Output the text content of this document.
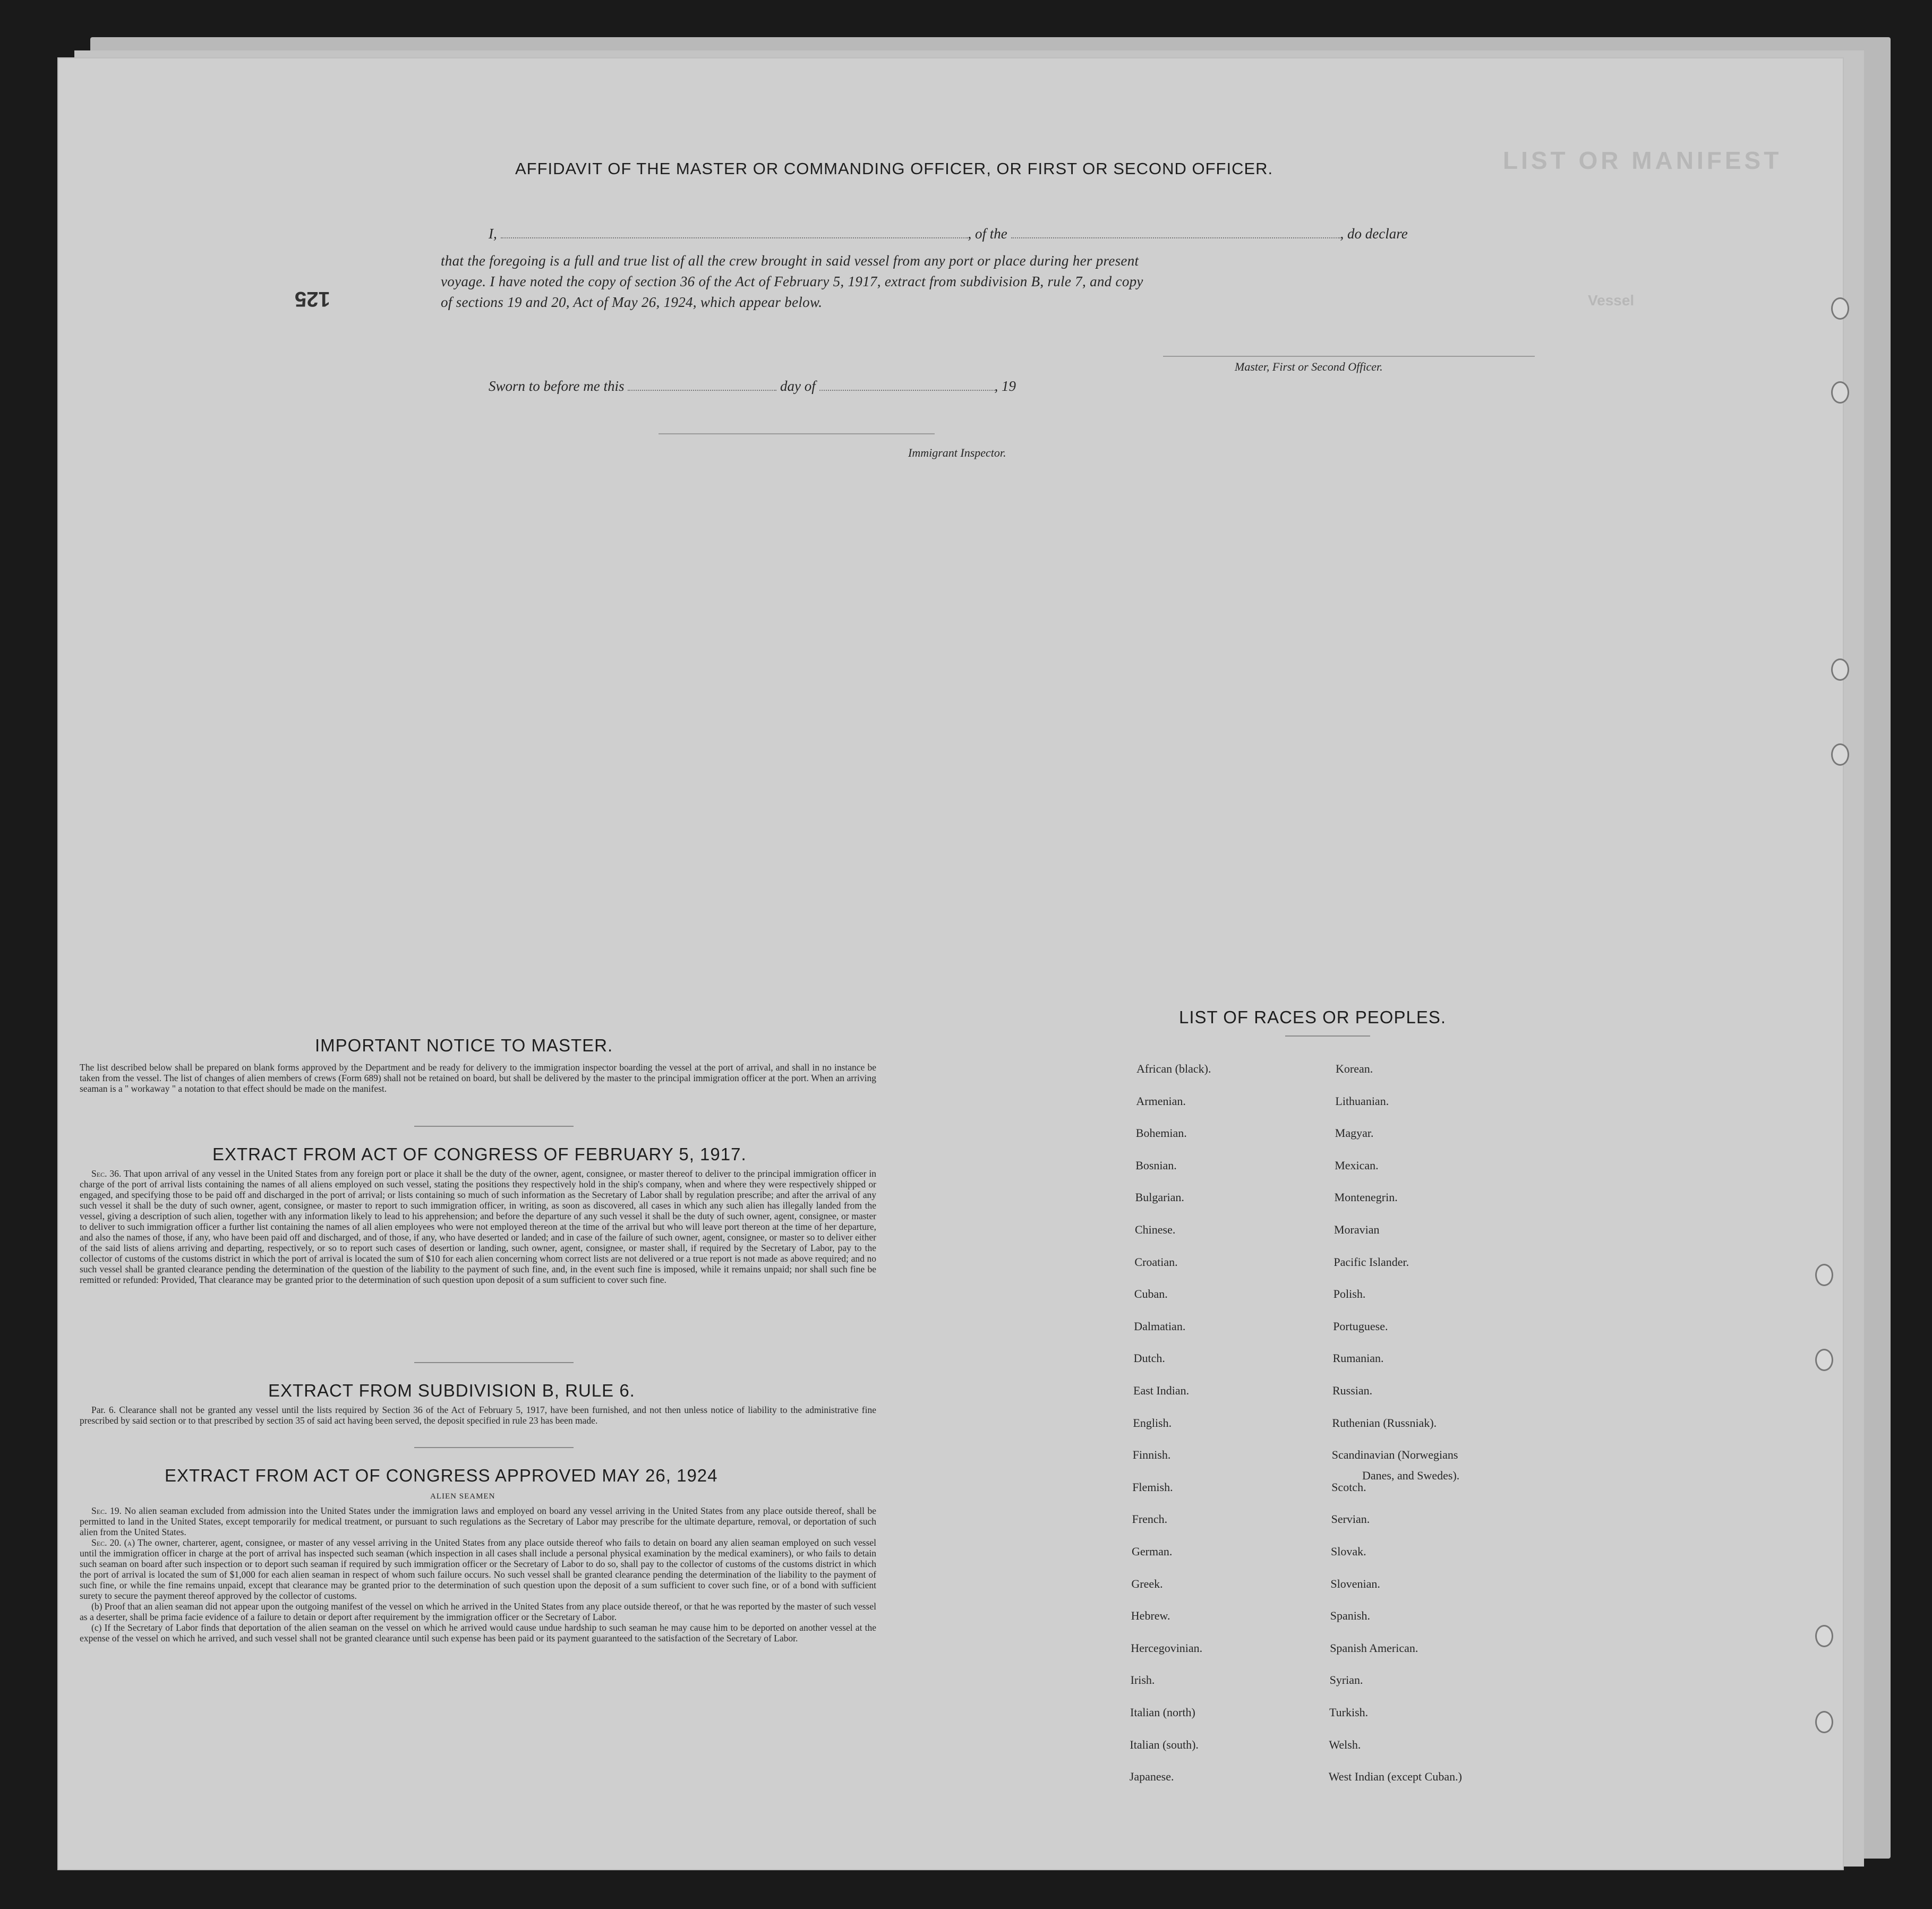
LIST OR MANIFEST
Vessel
125
AFFIDAVIT OF THE MASTER OR COMMANDING OFFICER, OR FIRST OR SECOND OFFICER.
I,	, of the	, do declare
that the foregoing is a full and true list of all the crew brought in said vessel from any port or place during her present
voyage. I have noted the copy of section 36 of the Act of February 5, 1917, extract from subdivision B, rule 7, and copy
of sections 19 and 20, Act of May 26, 1924, which appear below.
Master, First or Second Officer.
Sworn to before me this	day of	, 19
Immigrant Inspector.
IMPORTANT NOTICE TO MASTER.

The list described below shall be prepared on blank forms approved by the Department and be ready for delivery to the immigration inspector boarding the vessel at the port of arrival, and shall in no instance be taken from the vessel. The list of changes of alien members of crews (Form 689) shall not be retained on board, but shall be delivered by the master to the principal immigration officer at the port. When an arriving seaman is a " workaway " a notation to that effect should be made on the manifest.

EXTRACT FROM ACT OF CONGRESS OF FEBRUARY 5, 1917.

Sec. 36. That upon arrival of any vessel in the United States from any foreign port or place it shall be the duty of the owner, agent, consignee, or master thereof to deliver to the principal immigration officer in charge of the port of arrival lists containing the names of all aliens employed on such vessel, stating the positions they respectively hold in the ship's company, when and where they were respectively shipped or engaged, and specifying those to be paid off and discharged in the port of arrival; or lists containing so much of such information as the Secretary of Labor shall by regulation prescribe; and after the arrival of any such vessel it shall be the duty of such owner, agent, consignee, or master to report to such immigration officer, in writing, as soon as discovered, all cases in which any such alien has illegally landed from the vessel, giving a description of such alien, together with any information likely to lead to his apprehension; and before the departure of any such vessel it shall be the duty of such owner, agent, consignee, or master to deliver to such immigration officer a further list containing the names of all alien employees who were not employed thereon at the time of the arrival but who will leave port thereon at the time of her departure, and also the names of those, if any, who have been paid off and discharged, and of those, if any, who have deserted or landed; and in case of the failure of such owner, agent, consignee, or master so to deliver either of the said lists of aliens arriving and departing, respectively, or so to report such cases of desertion or landing, such owner, agent, consignee, or master shall, if required by the Secretary of Labor, pay to the collector of customs of the customs district in which the port of arrival is located the sum of $10 for each alien concerning whom correct lists are not delivered or a true report is not made as above required; and no such vessel shall be granted clearance pending the determination of the question of the liability to the payment of such fine, and, in the event such fine is imposed, while it remains unpaid; nor shall such fine be remitted or refunded: Provided, That clearance may be granted prior to the determination of such question upon deposit of a sum sufficient to cover such fine.

EXTRACT FROM SUBDIVISION B, RULE 6.

Par. 6. Clearance shall not be granted any vessel until the lists required by Section 36 of the Act of February 5, 1917, have been furnished, and not then unless notice of liability to the administrative fine prescribed by said section or to that prescribed by section 35 of said act having been served, the deposit specified in rule 23 has been made.

EXTRACT FROM ACT OF CONGRESS APPROVED MAY 26, 1924
ALIEN SEAMEN

Sec. 19. No alien seaman excluded from admission into the United States under the immigration laws and employed on board any vessel arriving in the United States from any place outside thereof, shall be permitted to land in the United States, except temporarily for medical treatment, or pursuant to such regulations as the Secretary of Labor may prescribe for the ultimate departure, removal, or deportation of such alien from the United States.

Sec. 20. (a) The owner, charterer, agent, consignee, or master of any vessel arriving in the United States from any place outside thereof who fails to detain on board any alien seaman employed on such vessel until the immigration officer in charge at the port of arrival has inspected such seaman (which inspection in all cases shall include a personal physical examination by the medical examiners), or who fails to detain such seaman on board after such inspection or to deport such seaman if required by such immigration officer or the Secretary of Labor to do so, shall pay to the collector of customs of the customs district in which the port of arrival is located the sum of $1,000 for each alien seaman in respect of whom such failure occurs. No such vessel shall be granted clearance pending the determination of the liability to the payment of such fine, or while the fine remains unpaid, except that clearance may be granted prior to the determination of such question upon the deposit of a sum sufficient to cover such fine, or of a bond with sufficient surety to secure the payment thereof approved by the collector of customs.

(b) Proof that an alien seaman did not appear upon the outgoing manifest of the vessel on which he arrived in the United States from any place outside thereof, or that he was reported by the master of such vessel as a deserter, shall be prima facie evidence of a failure to detain or deport after requirement by the immigration officer or the Secretary of Labor.

(c) If the Secretary of Labor finds that deportation of the alien seaman on the vessel on which he arrived would cause undue hardship to such seaman he may cause him to be deported on another vessel at the expense of the vessel on which he arrived, and such vessel shall not be granted clearance until such expense has been paid or its payment guaranteed to the satisfaction of the Secretary of Labor.

LIST OF RACES OR PEOPLES.
Danes, and Swedes).
African (black).
Armenian.
Bohemian.
Bosnian.
Bulgarian.
Chinese.
Croatian.
Cuban.
Dalmatian.
Dutch.
East Indian.
English.
Finnish.
Flemish.
French.
German.
Greek.
Hebrew.
Hercegovinian.
Irish.
Italian (north)
Italian (south).
Japanese.
Korean.
Lithuanian.
Magyar.
Mexican.
Montenegrin.
Moravian
Pacific Islander.
Polish.
Portuguese.
Rumanian.
Russian.
Ruthenian (Russniak).
Scandinavian (Norwegians
Scotch.
Servian.
Slovak.
Slovenian.
Spanish.
Spanish American.
Syrian.
Turkish.
Welsh.
West Indian (except Cuban.)
